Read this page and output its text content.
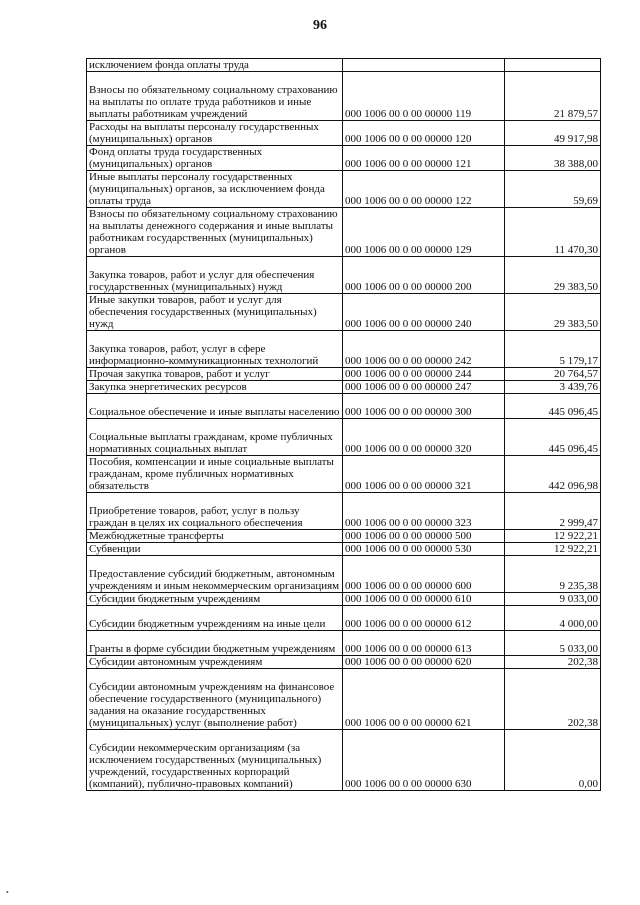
96
исключением фонда оплаты труда		
Взносы по обязательному социальному страхованию на выплаты по оплате труда работников и иные выплаты работникам учреждений	000 1006 00 0 00 00000 119	21 879,57
Расходы на выплаты персоналу государственных (муниципальных) органов	000 1006 00 0 00 00000 120	49 917,98
Фонд оплаты труда государственных (муниципальных) органов	000 1006 00 0 00 00000 121	38 388,00
Иные выплаты персоналу государственных (муниципальных) органов, за исключением фонда оплаты труда	000 1006 00 0 00 00000 122	59,69
Взносы по обязательному социальному страхованию на выплаты денежного содержания и иные выплаты работникам государственных (муниципальных) органов	000 1006 00 0 00 00000 129	11 470,30
Закупка товаров, работ и услуг для обеспечения государственных (муниципальных) нужд	000 1006 00 0 00 00000 200	29 383,50
Иные закупки товаров, работ и услуг для обеспечения государственных (муниципальных) нужд	000 1006 00 0 00 00000 240	29 383,50
Закупка товаров, работ, услуг в сфере информационно-коммуникационных технологий	000 1006 00 0 00 00000 242	5 179,17
Прочая закупка товаров, работ и услуг	000 1006 00 0 00 00000 244	20 764,57
Закупка энергетических ресурсов	000 1006 00 0 00 00000 247	3 439,76
Социальное обеспечение и иные выплаты населению	000 1006 00 0 00 00000 300	445 096,45
Социальные выплаты гражданам, кроме публичных нормативных социальных выплат	000 1006 00 0 00 00000 320	445 096,45
Пособия, компенсации и иные социальные выплаты гражданам, кроме публичных нормативных обязательств	000 1006 00 0 00 00000 321	442 096,98
Приобретение товаров, работ, услуг в пользу граждан в целях их социального обеспечения	000 1006 00 0 00 00000 323	2 999,47
Межбюджетные трансферты	000 1006 00 0 00 00000 500	12 922,21
Субвенции	000 1006 00 0 00 00000 530	12 922,21
Предоставление субсидий бюджетным, автономным учреждениям и иным некоммерческим организациям	000 1006 00 0 00 00000 600	9 235,38
Субсидии бюджетным учреждениям	000 1006 00 0 00 00000 610	9 033,00
Субсидии бюджетным учреждениям на иные цели	000 1006 00 0 00 00000 612	4 000,00
Гранты в форме субсидии бюджетным учреждениям	000 1006 00 0 00 00000 613	5 033,00
Субсидии автономным учреждениям	000 1006 00 0 00 00000 620	202,38
Субсидии автономным учреждениям на финансовое обеспечение государственного (муниципального) задания на оказание государственных (муниципальных) услуг (выполнение работ)	000 1006 00 0 00 00000 621	202,38
Субсидии некоммерческим организациям (за исключением государственных (муниципальных) учреждений, государственных корпораций (компаний), публично-правовых компаний)	000 1006 00 0 00 00000 630	0,00
•
